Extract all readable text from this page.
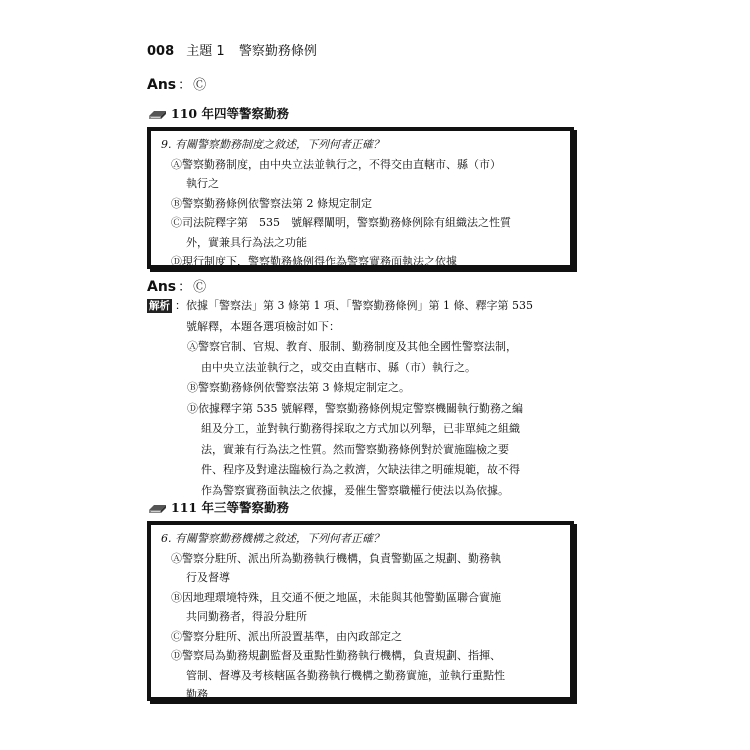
008 主題 1 警察勤務條例
Ans ： Ⓒ
110 年四等警察勤務
9. 有關警察勤務制度之敘述，下列何者正確？
Ⓐ警察勤務制度，由中央立法並執行之，不得交由直轄市、縣（市）
執行之
Ⓑ警察勤務條例依警察法第 2 條規定制定
Ⓒ司法院釋字第　535　號解釋闡明，警察勤務條例除有組織法之性質
外，實兼具行為法之功能
Ⓓ現行制度下，警察勤務條例得作為警察實務面執法之依據
Ans ： Ⓒ
解析 ：依據「警察法」第 3 條第 1 項、「警察勤務條例」第 1 條、釋字第 535
號解釋，本題各選項檢討如下：
Ⓐ警察官制、官規、教育、服制、勤務制度及其他全國性警察法制，
由中央立法並執行之，或交由直轄市、縣（市）執行之。
Ⓑ警察勤務條例依警察法第 3 條規定制定之。
Ⓓ依據釋字第 535 號解釋，警察勤務條例規定警察機關執行勤務之編
組及分工，並對執行勤務得採取之方式加以列舉，已非單純之組織
法，實兼有行為法之性質。然而警察勤務條例對於實施臨檢之要
件、程序及對違法臨檢行為之救濟，欠缺法律之明確規範，故不得
作為警察實務面執法之依據，爰催生警察職權行使法以為依據。
111 年三等警察勤務
6. 有關警察勤務機構之敘述，下列何者正確？
Ⓐ警察分駐所、派出所為勤務執行機構，負責警勤區之規劃、勤務執
行及督導
Ⓑ因地理環境特殊，且交通不便之地區，未能與其他警勤區聯合實施
共同勤務者，得設分駐所
Ⓒ警察分駐所、派出所設置基準，由內政部定之
Ⓓ警察局為勤務規劃監督及重點性勤務執行機構，負責規劃、指揮、
管制、督導及考核轄區各勤務執行機構之勤務實施，並執行重點性
勤務
